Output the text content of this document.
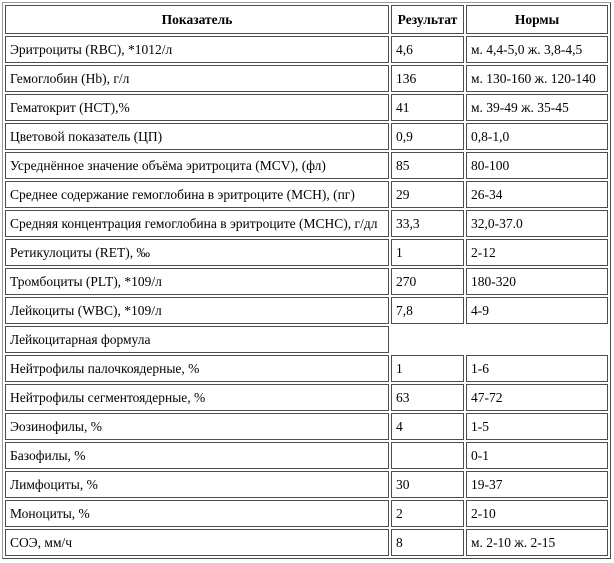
Показатель	Результат	Нормы
Эритроциты (RBC), *1012/л	4,6	м. 4,4-5,0 ж. 3,8-4,5
Гемоглобин (Hb), г/л	136	м. 130-160 ж. 120-140
Гематокрит (HCT),%	41	м. 39-49 ж. 35-45
Цветовой показатель (ЦП)	0,9	0,8-1,0
Усреднённое значение объёма эритроцита (MCV), (фл)	85	80-100
Среднее содержание гемоглобина в эритроците (MCH), (пг)	29	26-34
Средняя концентрация гемоглобина в эритроците (MCHC), г/дл	33,3	32,0-37.0
Ретикулоциты (RET), ‰	1	2-12
Тромбоциты (PLT), *109/л	270	180-320
Лейкоциты (WBC), *109/л	7,8	4-9
Лейкоцитарная формула		
Нейтрофилы палочкоядерные, %	1	1-6
Нейтрофилы сегментоядерные, %	63	47-72
Эозинофилы, %	4	1-5
Базофилы, %		0-1
Лимфоциты, %	30	19-37
Моноциты, %	2	2-10
СОЭ, мм/ч	8	м. 2-10 ж. 2-15
